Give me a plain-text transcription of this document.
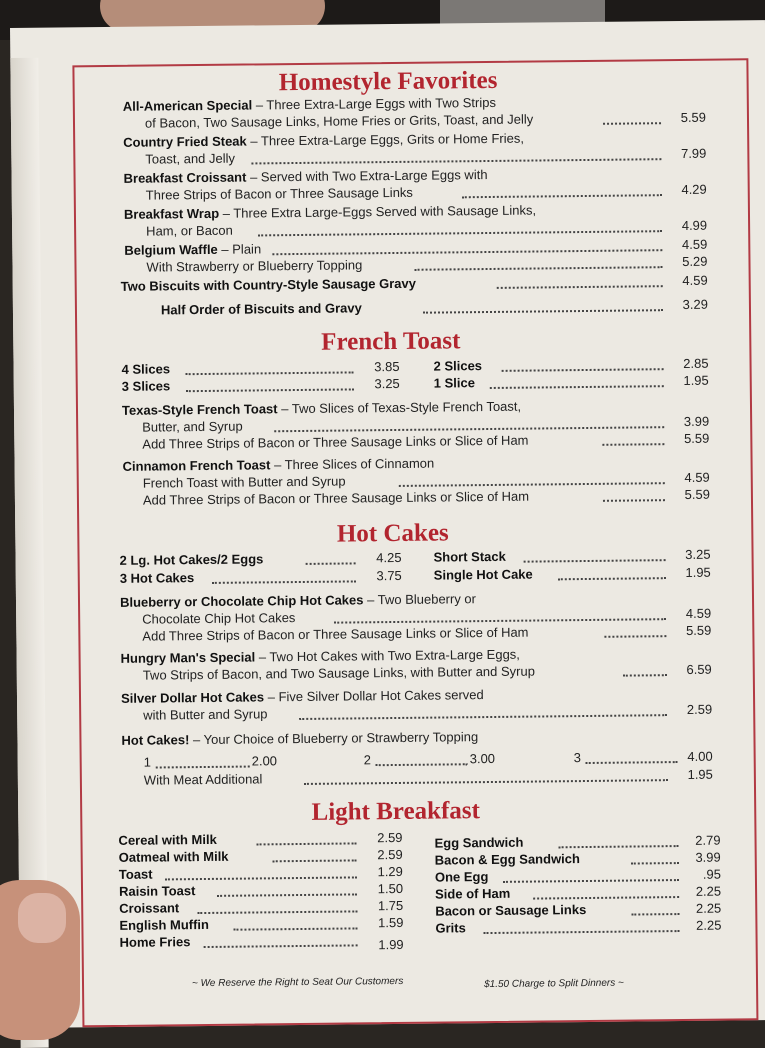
Homestyle Favorites
All-American Special – Three Extra-Large Eggs with Two Strips
of Bacon, Two Sausage Links, Home Fries or Grits, Toast, and Jelly	5.59
Country Fried Steak – Three Extra-Large Eggs, Grits or Home Fries,
Toast, and Jelly	7.99
Breakfast Croissant – Served with Two Extra-Large Eggs with
Three Strips of Bacon or Three Sausage Links	4.29
Breakfast Wrap – Three Extra Large-Eggs Served with Sausage Links,
Ham, or Bacon	4.99
Belgium Waffle – Plain	4.59
With Strawberry or Blueberry Topping	5.29
Two Biscuits with Country-Style Sausage Gravy	4.59
Half Order of Biscuits and Gravy	3.29
French Toast
4 Slices	3.85	2 Slices	2.85
3 Slices	3.25	1 Slice	1.95
Texas-Style French Toast – Two Slices of Texas-Style French Toast,
Butter, and Syrup	3.99
Add Three Strips of Bacon or Three Sausage Links or Slice of Ham	5.59
Cinnamon French Toast – Three Slices of Cinnamon
French Toast with Butter and Syrup	4.59
Add Three Strips of Bacon or Three Sausage Links or Slice of Ham	5.59
Hot Cakes
2 Lg. Hot Cakes/2 Eggs	4.25 Short Stack	3.25
3 Hot Cakes	3.75 Single Hot Cake	1.95
Blueberry or Chocolate Chip Hot Cakes – Two Blueberry or
Chocolate Chip Hot Cakes	4.59
Add Three Strips of Bacon or Three Sausage Links or Slice of Ham	5.59
Hungry Man's Special – Two Hot Cakes with Two Extra-Large Eggs,
Two Strips of Bacon, and Two Sausage Links, with Butter and Syrup	6.59
Silver Dollar Hot Cakes – Five Silver Dollar Hot Cakes served
with Butter and Syrup	2.59
Hot Cakes! – Your Choice of Blueberry or Strawberry Topping
1	2.00	2	3.00	3	4.00
With Meat Additional	1.95
Light Breakfast
Cereal with Milk	2.59
Oatmeal with Milk	2.59
Toast	1.29
Raisin Toast	1.50
Croissant	1.75
English Muffin	1.59
Home Fries	1.99
Egg Sandwich	2.79
Bacon & Egg Sandwich	3.99
One Egg	.95
Side of Ham	2.25
Bacon or Sausage Links	2.25
Grits	2.25
~ We Reserve the Right to Seat Our Customers	$1.50 Charge to Split Dinners ~
